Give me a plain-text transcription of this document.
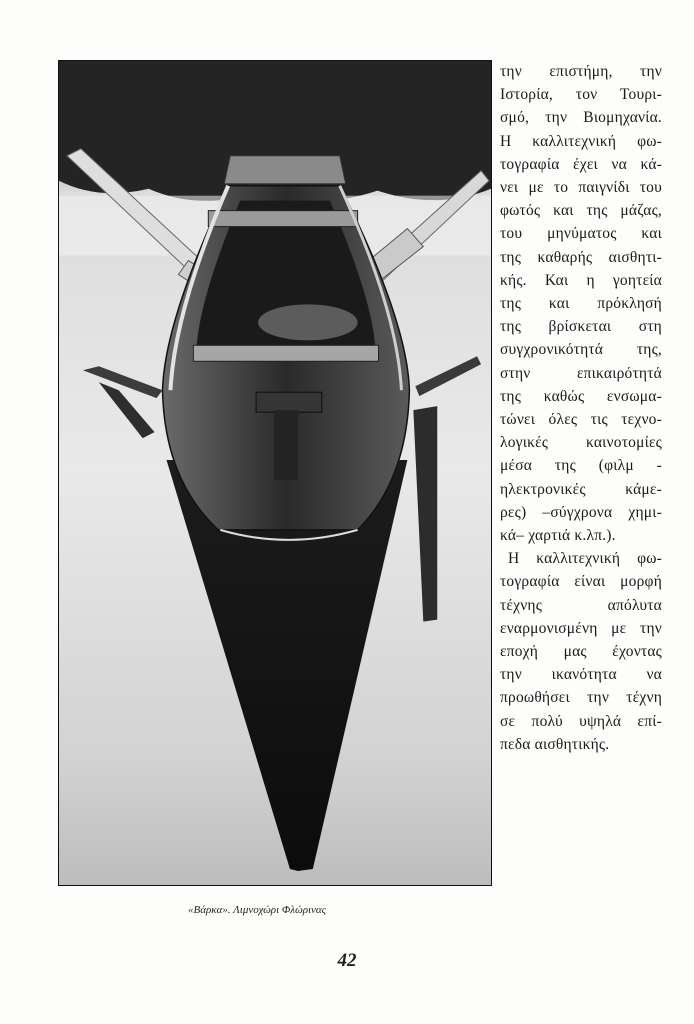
την επιστήμη, την
Ιστορία, τον Τουρι-
σμό, την Βιομηχανία.
Η καλλιτεχνική φω-
τογραφία έχει να κά-
νει με το παιγνίδι του
φωτός και της μάζας,
του μηνύματος και
της καθαρής αισθητι-
κής. Και η γοητεία
της και πρόκλησή
της βρίσκεται στη
συγχρονικότητά της,
στην επικαιρότητά
της καθώς ενσωμα-
τώνει όλες τις τεχνο-
λογικές καινοτομίες
μέσα της (φιλμ -
ηλεκτρονικές κάμε-
ρες) –σύγχρονα χημι-
κά– χαρτιά κ.λπ.).
Η καλλιτεχνική φω-
τογραφία είναι μορφή
τέχνης απόλυτα
εναρμονισμένη με την
εποχή μας έχοντας
την ικανότητα να
προωθήσει την τέχνη
σε πολύ υψηλά επί-
πεδα αισθητικής.
«Βάρκα». Λιμνοχώρι Φλώρινας
42
